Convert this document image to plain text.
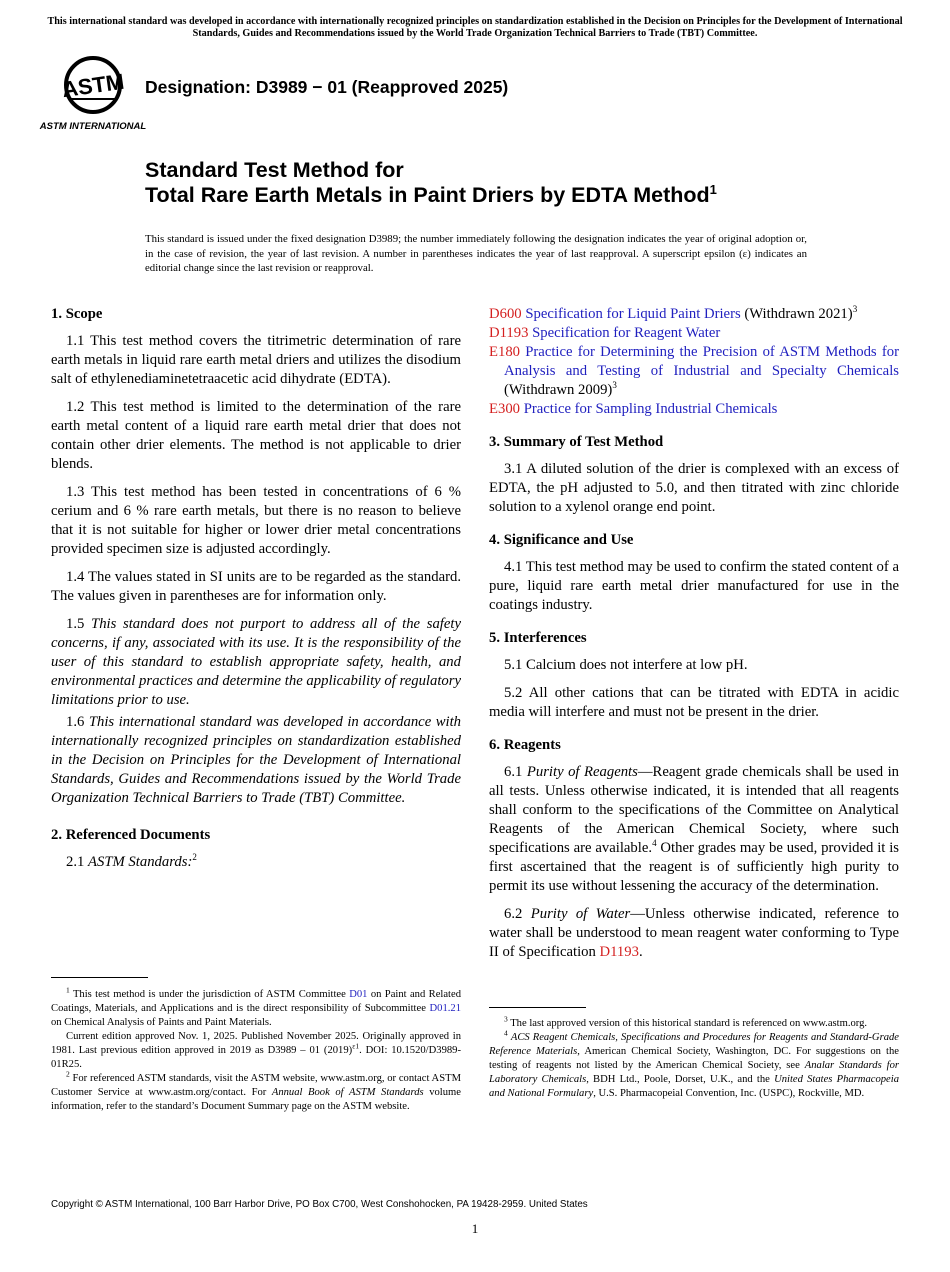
This international standard was developed in accordance with internationally recognized principles on standardization established in the Decision on Principles for the Development of International Standards, Guides and Recommendations issued by the World Trade Organization Technical Barriers to Trade (TBT) Committee.
ASTM
ASTM INTERNATIONAL
Designation: D3989 − 01 (Reapproved 2025)
Standard Test Method for
Total Rare Earth Metals in Paint Driers by EDTA Method$^1$
This standard is issued under the fixed designation D3989; the number immediately following the designation indicates the year of original adoption or, in the case of revision, the year of last revision. A number in parentheses indicates the year of last reapproval. A superscript epsilon (ε) indicates an editorial change since the last revision or reapproval.
1. Scope

1.1 This test method covers the titrimetric determination of rare earth metals in liquid rare earth metal driers and utilizes the disodium salt of ethylenediaminetetraacetic acid dihydrate (EDTA).

1.2 This test method is limited to the determination of the rare earth metal content of a liquid rare earth metal drier that does not contain other drier elements. The method is not applicable to drier blends.

1.3 This test method has been tested in concentrations of 6 % cerium and 6 % rare earth metals, but there is no reason to believe that it is not suitable for higher or lower drier metal concentrations provided specimen size is adjusted accordingly.

1.4 The values stated in SI units are to be regarded as the standard. The values given in parentheses are for information only.

1.5 This standard does not purport to address all of the safety concerns, if any, associated with its use. It is the responsibility of the user of this standard to establish appropriate safety, health, and environmental practices and determine the applicability of regulatory limitations prior to use.

1.6 This international standard was developed in accordance with internationally recognized principles on standardization established in the Decision on Principles for the Development of International Standards, Guides and Recommendations issued by the World Trade Organization Technical Barriers to Trade (TBT) Committee.

2. Referenced Documents

2.1 ASTM Standards:$^2$

D600 Specification for Liquid Paint Driers (Withdrawn 2021)$^3$

D1193 Specification for Reagent Water

E180 Practice for Determining the Precision of ASTM Methods for Analysis and Testing of Industrial and Specialty Chemicals (Withdrawn 2009)$^3$

E300 Practice for Sampling Industrial Chemicals

3. Summary of Test Method

3.1 A diluted solution of the drier is complexed with an excess of EDTA, the pH adjusted to 5.0, and then titrated with zinc chloride solution to a xylenol orange end point.

4. Significance and Use

4.1 This test method may be used to confirm the stated content of a pure, liquid rare earth metal drier manufactured for use in the coatings industry.

5. Interferences

5.1 Calcium does not interfere at low pH.

5.2 All other cations that can be titrated with EDTA in acidic media will interfere and must not be present in the drier.

6. Reagents

6.1 Purity of Reagents—Reagent grade chemicals shall be used in all tests. Unless otherwise indicated, it is intended that all reagents shall conform to the specifications of the Committee on Analytical Reagents of the American Chemical Society, where such specifications are available.$^4$ Other grades may be used, provided it is first ascertained that the reagent is of sufficiently high purity to permit its use without lessening the accuracy of the determination.

6.2 Purity of Water—Unless otherwise indicated, reference to water shall be understood to mean reagent water conforming to Type II of Specification D1193.

$^1$ This test method is under the jurisdiction of ASTM Committee D01 on Paint and Related Coatings, Materials, and Applications and is the direct responsibility of Subcommittee D01.21 on Chemical Analysis of Paints and Paint Materials.

Current edition approved Nov. 1, 2025. Published November 2025. Originally approved in 1981. Last previous edition approved in 2019 as D3989 – 01 $(2019)^{\varepsilon 1}$. DOI: 10.1520/D3989-01R25.

$^2$ For referenced ASTM standards, visit the ASTM website, www.astm.org, or contact ASTM Customer Service at www.astm.org/contact. For Annual Book of ASTM Standards volume information, refer to the standard’s Document Summary page on the ASTM website.

$^3$ The last approved version of this historical standard is referenced on www.astm.org.

$^4$ ACS Reagent Chemicals, Specifications and Procedures for Reagents and Standard-Grade Reference Materials, American Chemical Society, Washington, DC. For suggestions on the testing of reagents not listed by the American Chemical Society, see Analar Standards for Laboratory Chemicals, BDH Ltd., Poole, Dorset, U.K., and the United States Pharmacopeia and National Formulary, U.S. Pharmacopeial Convention, Inc. (USPC), Rockville, MD.

Copyright © ASTM International, 100 Barr Harbor Drive, PO Box C700, West Conshohocken, PA 19428-2959. United States
1
